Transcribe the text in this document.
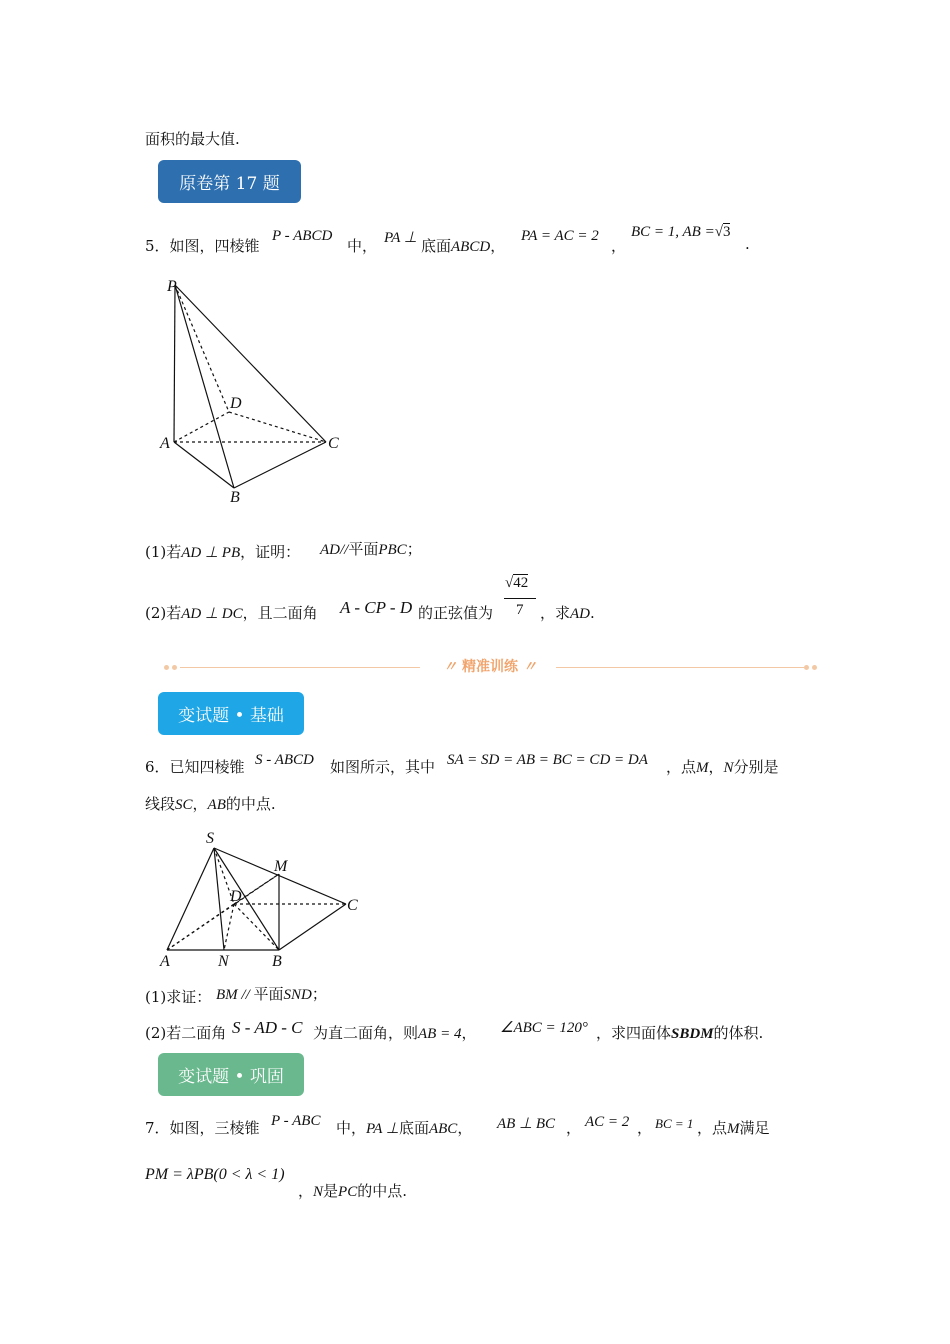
面积的最大值.
原卷第 17 题
5．如图，四棱锥
P - ABCD
中， PA ⊥ 底面ABCD，
PA = AC = 2
，
BC = 1, AB =√3
.
P
D
A	C
B
(1)若AD ⊥ PB，证明： AD//平面PBC；
(2)若AD ⊥ DC，且二面角 A - CP - D 的正弦值为
√42
7 ，求AD.
〃 精准训练 〃
变试题 • 基础
6．已知四棱锥 S - ABCD 如图所示，其中 SA = SD = AB = BC = CD = DA ，点M，N分别是
线段SC，AB的中点.
S
M
D
C
A	N	B
(1)求证： BM // 平面SND；
(2)若二面角 S - AD - C 为直二面角，则AB = 4， ∠ABC = 120° ，求四面体SBDM的体积.
变试题 • 巩固
7．如图，三棱锥 P - ABC 中，PA ⊥底面ABC， AB ⊥ BC ， AC = 2 ， BC = 1 ，点M满足
PM = λPB(0 < λ < 1)
，N是PC的中点.
